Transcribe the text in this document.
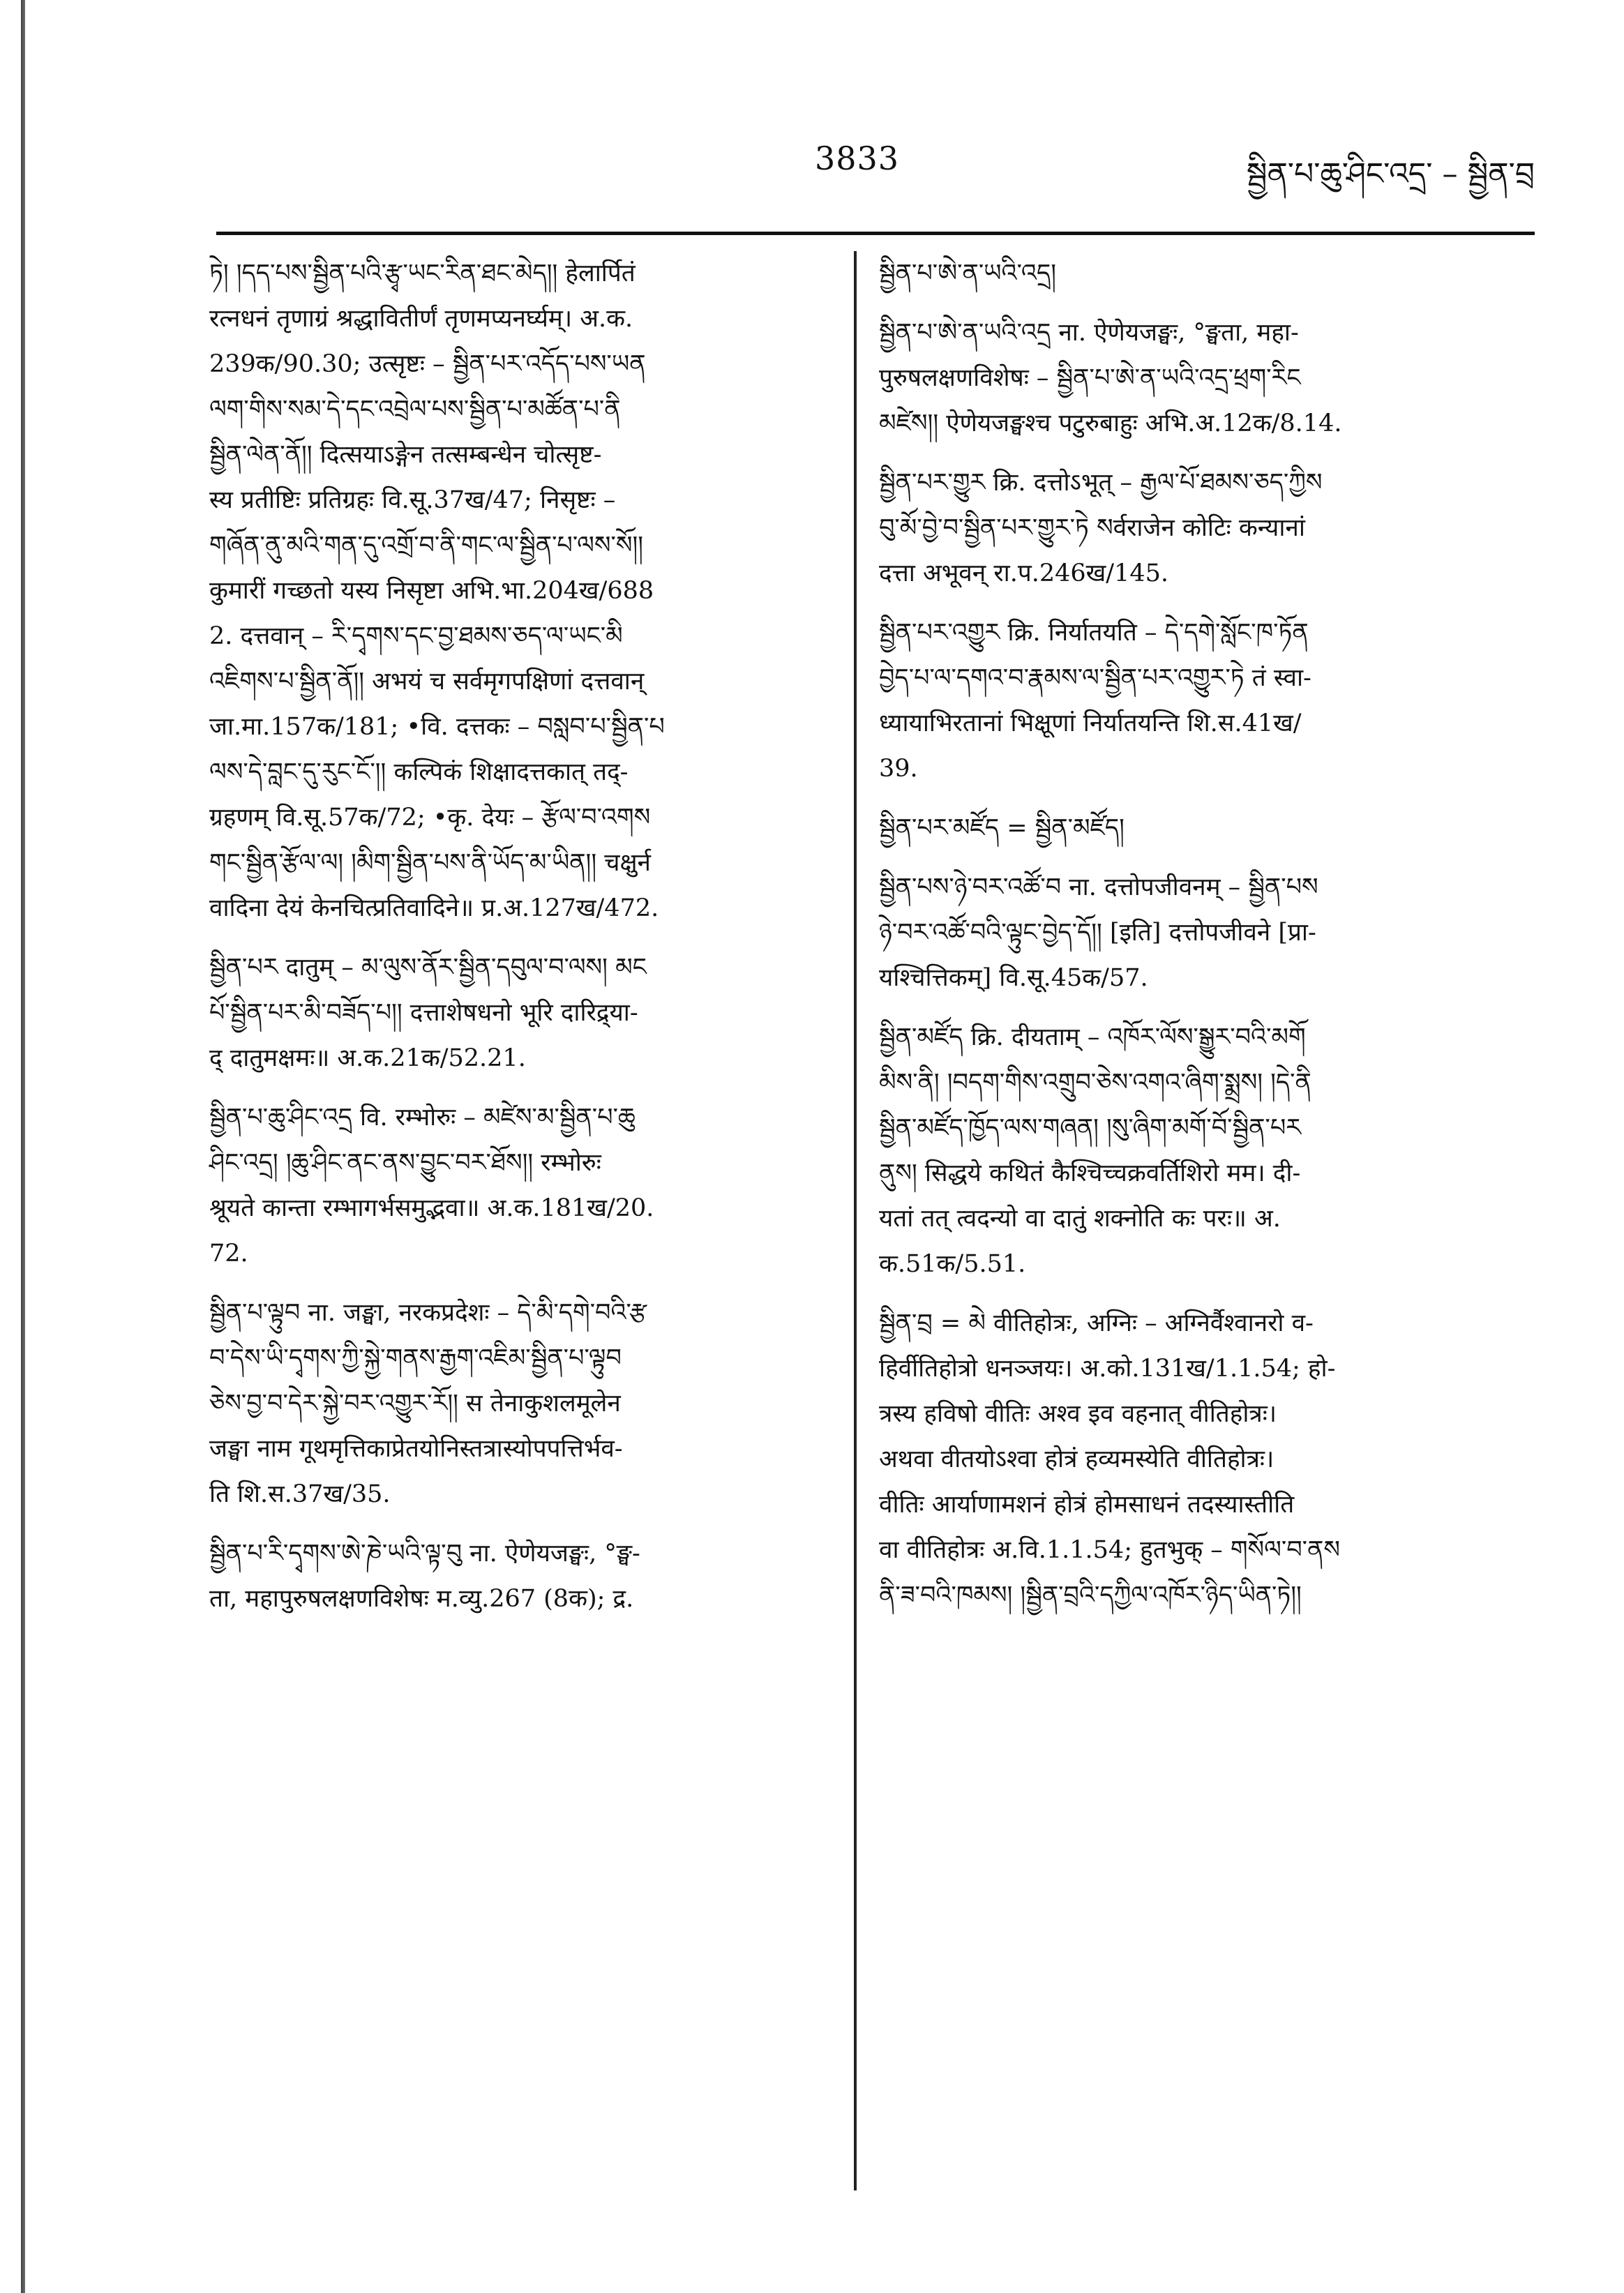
3833	སྦྱིན་པ་ཆུ་ཤིང་འདྲ་ – སྦྱིན་བྲ
ཏེ། །དད་པས་སྦྱིན་པའི་རྩྭ་ཡང་རིན་ཐང་མེད།། हेलार्पितं
रत्नधनं तृणाग्रं श्रद्धावितीर्णं तृणमप्यनर्घ्यम्। अ.क.
239क/90.30; उत्सृष्टः – སྦྱིན་པར་འདོད་པས་ཡན
ལག་གིས་སམ་དེ་དང་འབྲེལ་པས་སྦྱིན་པ་མཚོན་པ་ནི
སྦྱིན་ལེན་ནོ།། दित्सयाऽङ्गेन तत्सम्बन्धेन चोत्सृष्ट-
स्य प्रतीष्टिः प्रतिग्रहः वि.सू.37ख/47; निसृष्टः –
གཞོན་ནུ་མའི་གན་དུ་འགྲོ་བ་ནི་གང་ལ་སྦྱིན་པ་ལས་སོ།།
कुमारीं गच्छतो यस्य निसृष्टा अभि.भा.204ख/688
2. दत्तवान् – རི་དྭགས་དང་བྱ་ཐམས་ཅད་ལ་ཡང་མི
འཇིགས་པ་སྦྱིན་ནོ།། अभयं च सर्वमृगपक्षिणां दत्तवान्
जा.मा.157क/181; •वि. दत्तकः – བསླབ་པ་སྦྱིན་པ
ལས་དེ་བླང་དུ་རུང་ངོ་།། कल्पिकं शिक्षादत्तकात् तद्-
ग्रहणम् वि.सू.57क/72; •कृ. देयः – རྩོལ་བ་འགས
གང་སྦྱིན་རྩོལ་ལ། །མིག་སྦྱིན་པས་ནི་ཡོད་མ་ཡིན།། चक्षुर्न
वादिना देयं केनचित्प्रतिवादिने॥ प्र.अ.127ख/472.
སྦྱིན་པར दातुम् – མ་ལུས་ནོར་སྦྱིན་དབུལ་བ་ལས། མང
པོ་སྦྱིན་པར་མི་བཟོད་པ།། दत्ताशेषधनो भूरि दारिद्र्या-
द् दातुमक्षमः॥ अ.क.21क/52.21.
སྦྱིན་པ་ཆུ་ཤིང་འདྲ वि. रम्भोरुः – མཛེས་མ་སྦྱིན་པ་ཆུ
ཤིང་འདྲ། །ཆུ་ཤིང་ནང་ནས་བྱུང་བར་ཐོས།། रम्भोरुः
श्रूयते कान्ता रम्भागर्भसमुद्भवा॥ अ.क.181ख/20.
72.
སྦྱིན་པ་ལྟུབ ना. जङ्घा, नरकप्रदेशः – དེ་མི་དགེ་བའི་རྩ
བ་དེས་ཡི་དྭགས་ཀྱི་སྐྱེ་གནས་རྒྱག་འཇིམ་སྦྱིན་པ་ལྟུབ
ཅེས་བྱ་བ་དེར་སྐྱེ་བར་འགྱུར་རོ།། स तेनाकुशलमूलेन
जङ्घा नाम गूथमृत्तिकाप्रेतयोनिस्तत्रास्योपपत्तिर्भव-
ति शि.स.37ख/35.
སྦྱིན་པ་རི་དྭགས་ཨེ་ཎེ་ཡའི་ལྟ་བུ ना. ऐणेयजङ्घः, °ङ्घ-
ता, महापुरुषलक्षणविशेषः म.व्यु.267 (8क); द्र.
སྦྱིན་པ་ཨེ་ན་ཡའི་འདྲ།
སྦྱིན་པ་ཨེ་ན་ཡའི་འདྲ ना. ऐणेयजङ्घः, °ङ्घता, महा-
पुरुषलक्षणविशेषः – སྦྱིན་པ་ཨེ་ན་ཡའི་འདྲ་ཕྲག་རིང
མཛེས།། ऐणेयजङ्घश्च पटुरुबाहुः अभि.अ.12क/8.14.
སྦྱིན་པར་གྱུར क्रि. दत्तोऽभूत् – རྒྱལ་པོ་ཐམས་ཅད་ཀྱིས
བུ་མོ་བྱེ་བ་སྦྱིན་པར་གྱུར་ཏེ སर्वराजेन कोटिः कन्यानां
दत्ता अभूवन् रा.प.246ख/145.
སྦྱིན་པར་འགྱུར क्रि. निर्यातयति – དེ་དགེ་སློང་ཁ་ཏོན
བྱེད་པ་ལ་དགའ་བ་རྣམས་ལ་སྦྱིན་པར་འགྱུར་ཏེ तं स्वा-
ध्यायाभिरतानां भिक्षूणां निर्यातयन्ति शि.स.41ख/
39.
སྦྱིན་པར་མཛོད = སྦྱིན་མཛོད།
སྦྱིན་པས་ཉེ་བར་འཚོ་བ ना. दत्तोपजीवनम् – སྦྱིན་པས
ཉེ་བར་འཚོ་བའི་ལྟུང་བྱེད་དོ།། [इति] दत्तोपजीवने [प्रा-
यश्चित्तिकम्] वि.सू.45क/57.
སྦྱིན་མཛོད क्रि. दीयताम् – འཁོར་ལོས་སྒྱུར་བའི་མགོ
མིས་ནི། །བདག་གིས་འགྲུབ་ཅེས་འགའ་ཞིག་སྨྲས། །དེ་ནི
སྦྱིན་མཛོད་ཁྱོད་ལས་གཞན། །སུ་ཞིག་མགོ་བོ་སྦྱིན་པར
ནུས། सिद्धये कथितं कैश्चिच्चक्रवर्तिशिरो मम। दी-
यतां तत् त्वदन्यो वा दातुं शक्नोति कः परः॥ अ.
क.51क/5.51.
སྦྱིན་བྲ = མེ वीतिहोत्रः, अग्निः – अग्निर्वैश्वानरो व-
हिर्वीतिहोत्रो धनञ्जयः। अ.को.131ख/1.1.54; हो-
त्रस्य हविषो वीतिः अश्व इव वहनात् वीतिहोत्रः।
अथवा वीतयोऽश्वा होत्रं हव्यमस्येति वीतिहोत्रः।
वीतिः आर्याणामशनं होत्रं होमसाधनं तदस्यास्तीति
वा वीतिहोत्रः अ.वि.1.1.54; हुतभुक् – གསོལ་བ་ནས
ནི་ཟ་བའི་ཁམས། །སྦྱིན་བྲའི་དཀྱིལ་འཁོར་ཉིད་ཡིན་ཏེ།།
